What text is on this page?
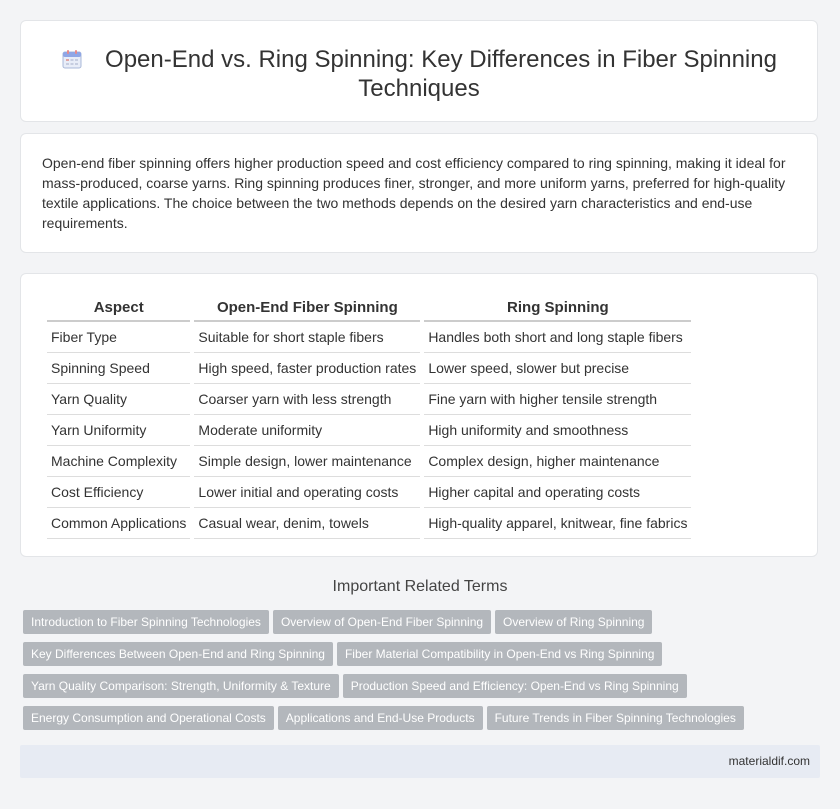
Open-End vs. Ring Spinning: Key Differences in Fiber Spinning Techniques
Open-end fiber spinning offers higher production speed and cost efficiency compared to ring spinning, making it ideal for mass-produced, coarse yarns. Ring spinning produces finer, stronger, and more uniform yarns, preferred for high-quality textile applications. The choice between the two methods depends on the desired yarn characteristics and end-use requirements.
Aspect	Open-End Fiber Spinning	Ring Spinning
Fiber Type	Suitable for short staple fibers	Handles both short and long staple fibers
Spinning Speed	High speed, faster production rates	Lower speed, slower but precise
Yarn Quality	Coarser yarn with less strength	Fine yarn with higher tensile strength
Yarn Uniformity	Moderate uniformity	High uniformity and smoothness
Machine Complexity	Simple design, lower maintenance	Complex design, higher maintenance
Cost Efficiency	Lower initial and operating costs	Higher capital and operating costs
Common Applications	Casual wear, denim, towels	High-quality apparel, knitwear, fine fabrics
Important Related Terms
Introduction to Fiber Spinning Technologies Overview of Open-End Fiber Spinning Overview of Ring Spinning
Key Differences Between Open-End and Ring Spinning Fiber Material Compatibility in Open-End vs Ring Spinning
Yarn Quality Comparison: Strength, Uniformity & Texture Production Speed and Efficiency: Open-End vs Ring Spinning
Energy Consumption and Operational Costs Applications and End-Use Products Future Trends in Fiber Spinning Technologies
materialdif.com
